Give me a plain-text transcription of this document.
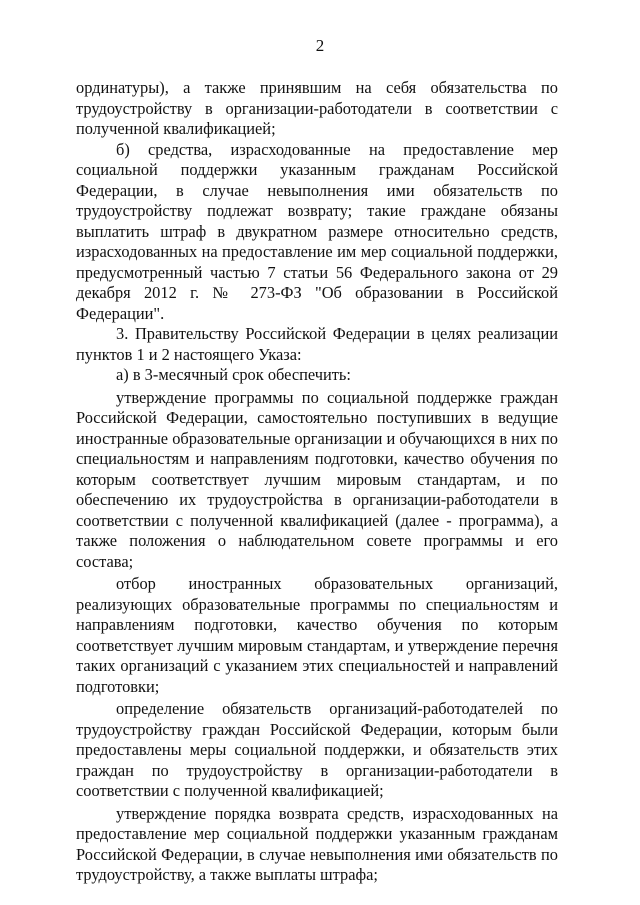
2

ординатуры), а также принявшим на себя обязательства по трудоустройству в организации-работодатели в соответствии с полученной квалификацией;

б) средства, израсходованные на предоставление мер социальной поддержки указанным гражданам Российской Федерации, в случае невыполнения ими обязательств по трудоустройству подлежат возврату; такие граждане обязаны выплатить штраф в двукратном размере относительно средств, израсходованных на предоставление им мер социальной поддержки, предусмотренный частью 7 статьи 56 Федерального закона от 29 декабря 2012 г. № 273-ФЗ "Об образовании в Российской Федерации".

3. Правительству Российской Федерации в целях реализации пунктов 1 и 2 настоящего Указа:

а) в 3-месячный срок обеспечить:

утверждение программы по социальной поддержке граждан Российской Федерации, самостоятельно поступивших в ведущие иностранные образовательные организации и обучающихся в них по специальностям и направлениям подготовки, качество обучения по которым соответствует лучшим мировым стандартам, и по обеспечению их трудоустройства в организации-работодатели в соответствии с полученной квалификацией (далее - программа), а также положения о наблюдательном совете программы и его состава;

отбор иностранных образовательных организаций, реализующих образовательные программы по специальностям и направлениям подготовки, качество обучения по которым соответствует лучшим мировым стандартам, и утверждение перечня таких организаций с указанием этих специальностей и направлений подготовки;

определение обязательств организаций-работодателей по трудоустройству граждан Российской Федерации, которым были предоставлены меры социальной поддержки, и обязательств этих граждан по трудоустройству в организации-работодатели в соответствии с полученной квалификацией;

утверждение порядка возврата средств, израсходованных на предоставление мер социальной поддержки указанным гражданам Российской Федерации, в случае невыполнения ими обязательств по трудоустройству, а также выплаты штрафа;
